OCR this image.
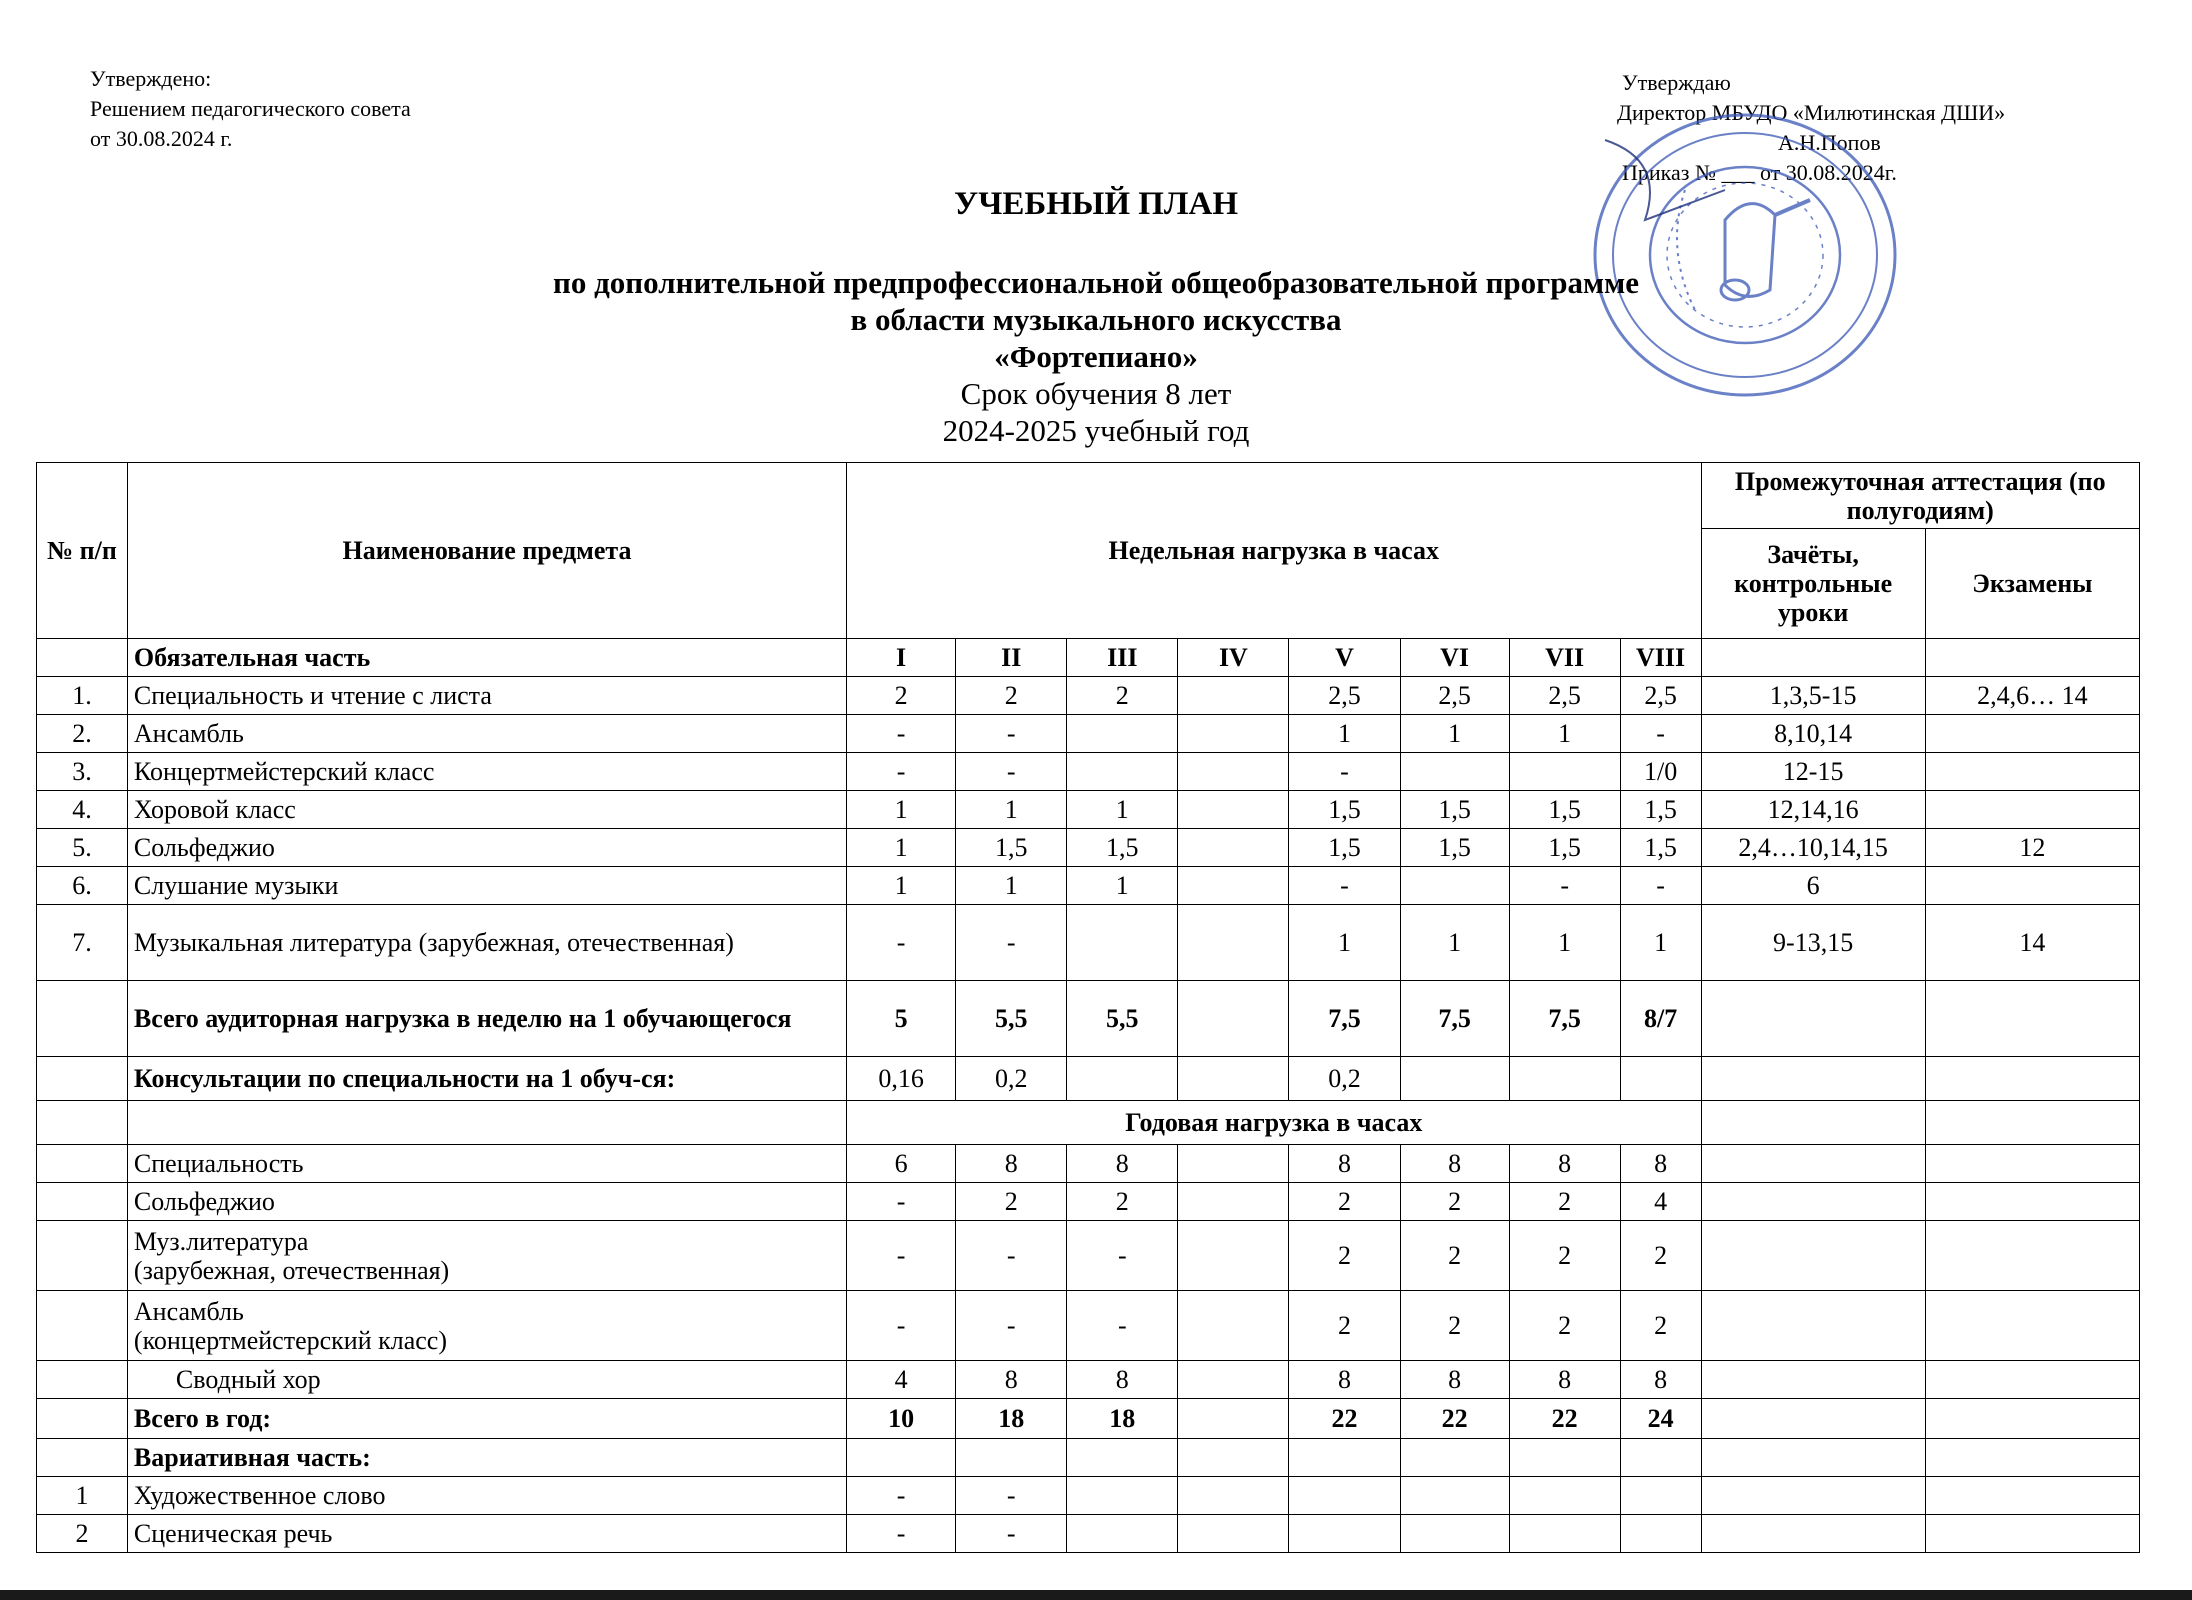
Утверждено:
Решением педагогического совета
от 30.08.2024 г.
Утверждаю
Директор МБУДО «Милютинская ДШИ»
А.Н.Попов
Приказ № ___ от 30.08.2024г.
УЧЕБНЫЙ ПЛАН
по дополнительной предпрофессиональной общеобразовательной программе
в области музыкального искусства
«Фортепиано»
Срок обучения 8 лет
2024-2025 учебный год
№ п/п	Наименование предмета	Недельная нагрузка в часах								Промежуточная аттестация (по полугодиям)	
										Зачёты, контрольные уроки	Экзамены
	Обязательная часть	I	II	III	IV	V	VI	VII	VIII		
1.	Специальность и чтение с листа	2	2	2		2,5	2,5	2,5	2,5	1,3,5-15	2,4,6… 14
2.	Ансамбль	-	-			1	1	1	-	8,10,14	
3.	Концертмейстерский класс	-	-			-			1/0	12-15	
4.	Хоровой класс	1	1	1		1,5	1,5	1,5	1,5	12,14,16	
5.	Сольфеджио	1	1,5	1,5		1,5	1,5	1,5	1,5	2,4…10,14,15	12
6.	Слушание музыки	1	1	1		-		-	-	6	
7.	Музыкальная литература (зарубежная, отечественная)	-	-			1	1	1	1	9-13,15	14
	Всего аудиторная нагрузка в неделю на 1 обучающегося	5	5,5	5,5		7,5	7,5	7,5	8/7		
	Консультации по специальности на 1 обуч-ся:	0,16	0,2			0,2					
		Годовая нагрузка в часах									
	Специальность	6	8	8		8	8	8	8		
	Сольфеджио	-	2	2		2	2	2	4		

	Муз.литература
(зарубежная, отечественная)	-	-	-		2	2	2	2		

	Ансамбль
(концертмейстерский класс)	-	-	-		2	2	2	2		
	Сводный хор	4	8	8		8	8	8	8		
	Всего в год:	10	18	18		22	22	22	24		
	Вариативная часть:										
1	Художественное слово	-	-								
2	Сценическая речь	-	-								
